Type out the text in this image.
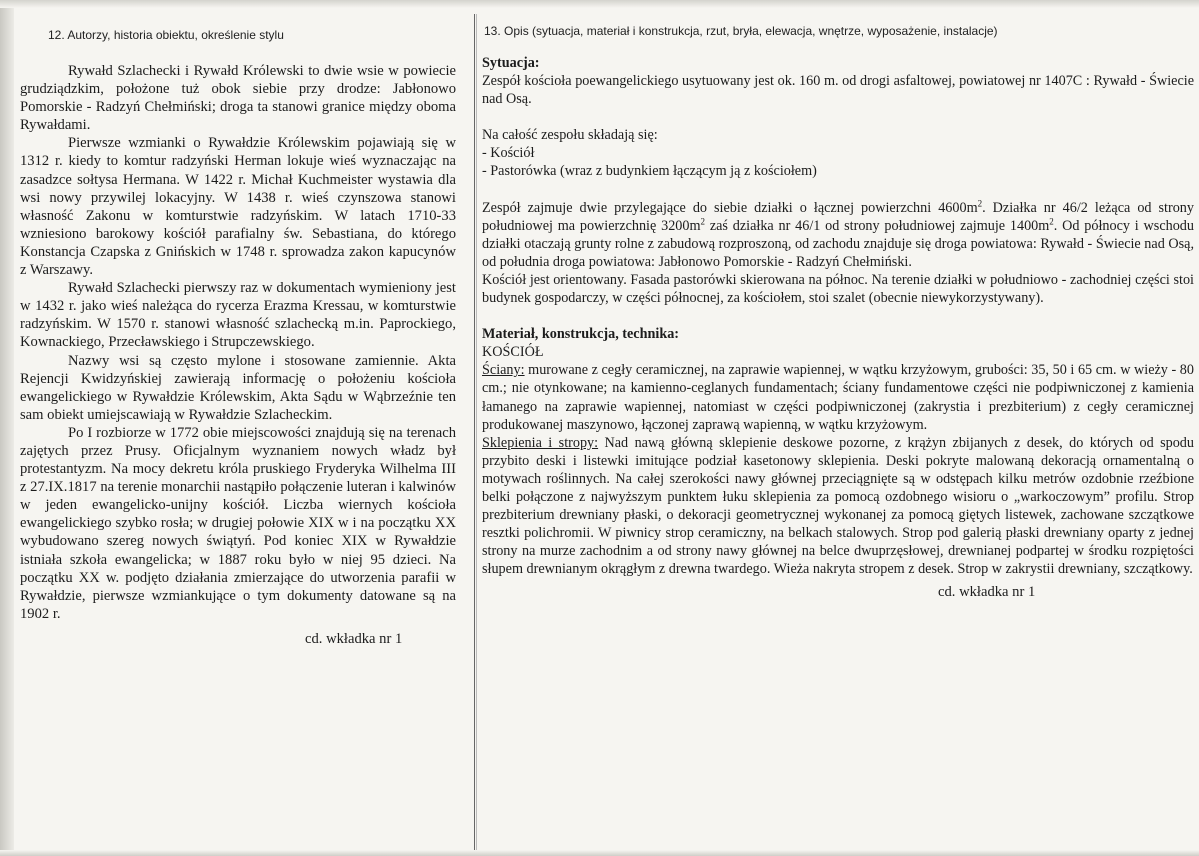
12. Autorzy, historia obiektu, określenie stylu

Rywałd Szlachecki i Rywałd Królewski to dwie wsie w powiecie grudziądzkim, położone tuż obok siebie przy drodze: Jabłonowo Pomorskie - Radzyń Chełmiński; droga ta stanowi granice między oboma Rywałdami.

Pierwsze wzmianki o Rywałdzie Królewskim pojawiają się w 1312 r. kiedy to komtur radzyński Herman lokuje wieś wyznaczając na zasadzce sołtysa Hermana. W 1422 r. Michał Kuchmeister wystawia dla wsi nowy przywilej lokacyjny. W 1438 r. wieś czynszowa stanowi własność Zakonu w komturstwie radzyńskim. W latach 1710-33 wzniesiono barokowy kościół parafialny św. Sebastiana, do którego Konstancja Czapska z Gnińskich w 1748 r. sprowadza zakon kapucynów z Warszawy.

Rywałd Szlachecki pierwszy raz w dokumentach wymieniony jest w 1432 r. jako wieś należąca do rycerza Erazma Kressau, w komturstwie radzyńskim. W 1570 r. stanowi własność szlachecką m.in. Paprockiego, Kownackiego, Przecławskiego i Strupczewskiego.

Nazwy wsi są często mylone i stosowane zamiennie. Akta Rejencji Kwidzyńskiej zawierają informację o położeniu kościoła ewangelickiego w Rywałdzie Królewskim, Akta Sądu w Wąbrzeźnie ten sam obiekt umiejscawiają w Rywałdzie Szlacheckim.

Po I rozbiorze w 1772 obie miejscowości znajdują się na terenach zajętych przez Prusy. Oficjalnym wyznaniem nowych władz był protestantyzm. Na mocy dekretu króla pruskiego Fryderyka Wilhelma III z 27.IX.1817 na terenie monarchii nastąpiło połączenie luteran i kalwinów w jeden ewangelicko-unijny kościół. Liczba wiernych kościoła ewangelickiego szybko rosła; w drugiej połowie XIX w i na początku XX wybudowano szereg nowych świątyń. Pod koniec XIX w Rywałdzie istniała szkoła ewangelicka; w 1887 roku było w niej 95 dzieci. Na początku XX w. podjęto działania zmierzające do utworzenia parafii w Rywałdzie, pierwsze wzmiankujące o tym dokumenty datowane są na 1902 r.

cd. wkładka nr 1
13. Opis (sytuacja, materiał i konstrukcja, rzut, bryła, elewacja, wnętrze, wyposażenie, instalacje)

Sytuacja:

Zespół kościoła poewangelickiego usytuowany jest ok. 160 m. od drogi asfaltowej, powiatowej nr 1407C : Rywałd - Świecie nad Osą.

Na całość zespołu składają się:

- Kościół

- Pastorówka (wraz z budynkiem łączącym ją z kościołem)

Zespół zajmuje dwie przylegające do siebie działki o łącznej powierzchni $4600m^2$. Działka nr 46/2 leżąca od strony południowej ma powierzchnię $3200m^2$ zaś działka nr 46/1 od strony południowej zajmuje $1400m^2$. Od północy i wschodu działki otaczają grunty rolne z zabudową rozproszoną, od zachodu znajduje się droga powiatowa: Rywałd - Świecie nad Osą, od południa droga powiatowa: Jabłonowo Pomorskie - Radzyń Chełmiński.

Kościół jest orientowany. Fasada pastorówki skierowana na północ. Na terenie działki w południowo - zachodniej części stoi budynek gospodarczy, w części północnej, za kościołem, stoi szalet (obecnie niewykorzystywany).

Materiał, konstrukcja, technika:

KOŚCIÓŁ

Ściany: murowane z cegły ceramicznej, na zaprawie wapiennej, w wątku krzyżowym, grubości: 35, 50 i 65 cm. w wieży - 80 cm.; nie otynkowane; na kamienno-ceglanych fundamentach; ściany fundamentowe części nie podpiwniczonej z kamienia łamanego na zaprawie wapiennej, natomiast w części podpiwniczonej (zakrystia i prezbiterium) z cegły ceramicznej produkowanej maszynowo, łączonej zaprawą wapienną, w wątku krzyżowym.

Sklepienia i stropy: Nad nawą główną sklepienie deskowe pozorne, z krążyn zbijanych z desek, do których od spodu przybito deski i listewki imitujące podział kasetonowy sklepienia. Deski pokryte malowaną dekoracją ornamentalną o motywach roślinnych. Na całej szerokości nawy głównej przeciągnięte są w odstępach kilku metrów ozdobnie rzeźbione belki połączone z najwyższym punktem łuku sklepienia za pomocą ozdobnego wisioru o „warkoczowym” profilu. Strop prezbiterium drewniany płaski, o dekoracji geometrycznej wykonanej za pomocą giętych listewek, zachowane szczątkowe resztki polichromii. W piwnicy strop ceramiczny, na belkach stalowych. Strop pod galerią płaski drewniany oparty z jednej strony na murze zachodnim a od strony nawy głównej na belce dwuprzęsłowej, drewnianej podpartej w środku rozpiętości słupem drewnianym okrągłym z drewna twardego. Wieża nakryta stropem z desek. Strop w zakrystii drewniany, szczątkowy.

cd. wkładka nr 1
